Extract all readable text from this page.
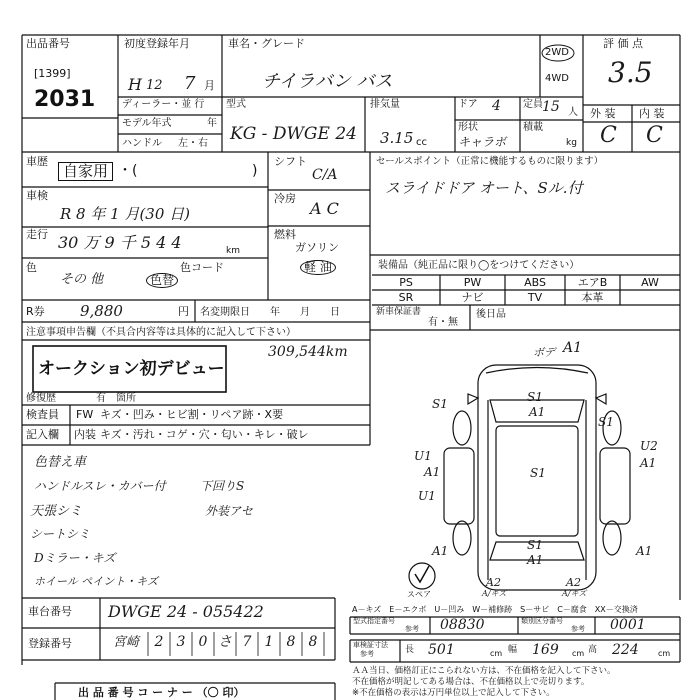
出品番号
[1399]
2031
初度登録年月
H 12 7 月
車名・グレード
チイラバン バス
2WD
4WD
評 価 点
3.5
外 装 内 装
C C
ディーラー・並 行
モデル年式	年
ハンドル 左・右
型式
KG - DWGE 24
排気量
3.15 cc
ドア 4 定員 15 人
形状
キャラボ
積載
kg
車歴
自家用 ・(	)
車検
R 8 年 1 月(30 日)
走行 30 万 9 千 5 4 4	km
色
その 他	色替
色コード
シフト
C/A
冷房
A C
燃料
ガソリン
軽 油
セールスポイント（正常に機能するものに限ります）
スライドドア オート、Sル.付
装備品（純正品に限り◯をつけてください）
PS	PW	ABS	エアB	AW
SR	ナビ	TV	本革
R券 9,880	円 名変期限日 年　　月　　日	新車保証書
有・無
後日品
注意事項申告欄（不具合内容等は具体的に記入して下さい）
309,544km
オークション初デビュー
修復歴	有 箇所
検査員
記入欄
FW キズ・凹み・ヒビ割・リペア跡・X要
内装 キズ・汚れ・コゲ・穴・匂い・キレ・破レ
色替え車
ハンドルスレ・カバー付
天張シミ
シートシミ
Dミラー・キズ
ホイール ペイント・キズ
下回りS
外装アセ
ボデ A1
S1	S1
A1
S1
U2
A1
U1
A1
U1
S1
A1	S1
A1
A1
A2
A/キズ
A2
A/キズ
スペア
A－キズ　E－エクボ　U－凹み　W－補修跡　S－サビ　C－腐食　XX－交換済
車台番号 DWGE 24 - 055422
登録番号	宮崎	2 3 0 さ 7 1 8 8
型式指定番号
参考 08830	類別区分番号
参考 0001
車検証寸法
参考	長 501	cm 幅 169 cm 高 224 cm
ＡＡ当日、価格訂正にこられない方は、不在価格を記入して下さい。
不在価格が明記してある場合は、不在価格以上で売切ります。
※不在価格の表示は万円単位以上で記入して下さい。
出 品 番 号 コ ー ナ ー （〇 印）
